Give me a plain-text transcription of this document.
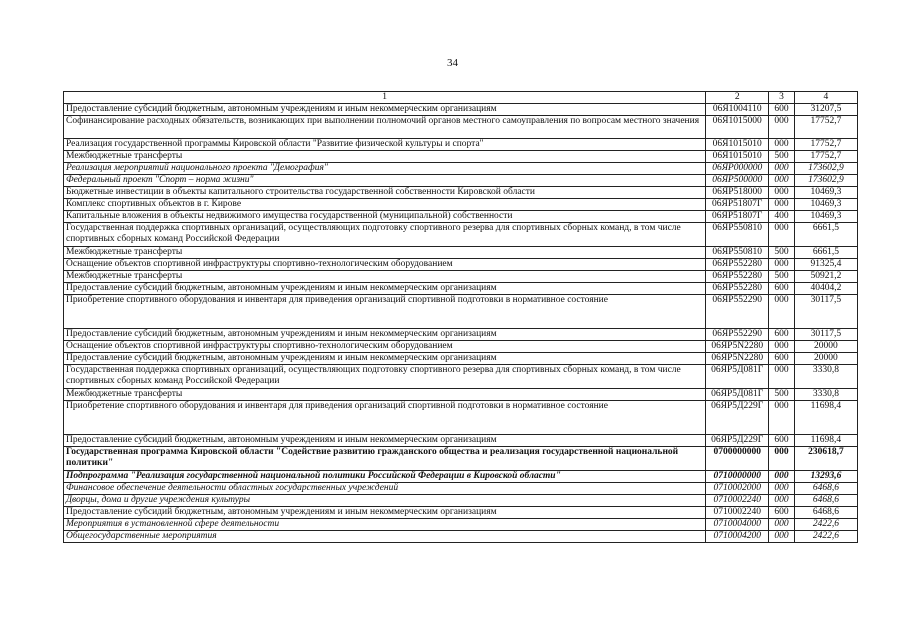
34
1	2	3	4
Предоставление субсидий бюджетным, автономным учреждениям и иным некоммерческим организациям	06Я1004110	600	31207,5
Софинансирование расходных обязательств, возникающих при выполнении полномочий органов местного самоуправления по вопросам местного значения	06Я1015000	000	17752,7
Реализация государственной программы Кировской области "Развитие физической культуры и спорта"	06Я1015010	000	17752,7
Межбюджетные трансферты	06Я1015010	500	17752,7
Реализация мероприятий национального проекта "Демография"	06ЯР000000	000	173602,9
Федеральный проект "Спорт – норма жизни"	06ЯР500000	000	173602,9
Бюджетные инвестиции в объекты капитального строительства государственной собственности Кировской области	06ЯР518000	000	10469,3
Комплекс спортивных объектов в г. Кирове	06ЯР51807Г	000	10469,3
Капитальные вложения в объекты недвижимого имущества государственной (муниципальной) собственности	06ЯР51807Г	400	10469,3
Государственная поддержка спортивных организаций, осуществляющих подготовку спортивного резерва для спортивных сборных команд, в том числе спортивных сборных команд Российской Федерации	06ЯР550810	000	6661,5
Межбюджетные трансферты	06ЯР550810	500	6661,5
Оснащение объектов спортивной инфраструктуры спортивно-технологическим оборудованием	06ЯР552280	000	91325,4
Межбюджетные трансферты	06ЯР552280	500	50921,2
Предоставление субсидий бюджетным, автономным учреждениям и иным некоммерческим организациям	06ЯР552280	600	40404,2
Приобретение спортивного оборудования и инвентаря для приведения организаций спортивной подготовки в нормативное состояние	06ЯР552290	000	30117,5
Предоставление субсидий бюджетным, автономным учреждениям и иным некоммерческим организациям	06ЯР552290	600	30117,5
Оснащение объектов спортивной инфраструктуры спортивно-технологическим оборудованием	06ЯР5N2280	000	20000
Предоставление субсидий бюджетным, автономным учреждениям и иным некоммерческим организациям	06ЯР5N2280	600	20000
Государственная поддержка спортивных организаций, осуществляющих подготовку спортивного резерва для спортивных сборных команд, в том числе спортивных сборных команд Российской Федерации	06ЯР5Д081Г	000	3330,8
Межбюджетные трансферты	06ЯР5Д081Г	500	3330,8
Приобретение спортивного оборудования и инвентаря для приведения организаций спортивной подготовки в нормативное состояние	06ЯР5Д229Г	000	11698,4
Предоставление субсидий бюджетным, автономным учреждениям и иным некоммерческим организациям	06ЯР5Д229Г	600	11698,4
Государственная программа Кировской области "Содействие развитию гражданского общества и реализация государственной национальной политики"	0700000000	000	230618,7
Подпрограмма "Реализация государственной национальной политики Российской Федерации в Кировской области"	0710000000	000	13293,6
Финансовое обеспечение деятельности областных государственных учреждений	0710002000	000	6468,6
Дворцы, дома и другие учреждения культуры	0710002240	000	6468,6
Предоставление субсидий бюджетным, автономным учреждениям и иным некоммерческим организациям	0710002240	600	6468,6
Мероприятия в установленной сфере деятельности	0710004000	000	2422,6
Общегосударственные мероприятия	0710004200	000	2422,6
